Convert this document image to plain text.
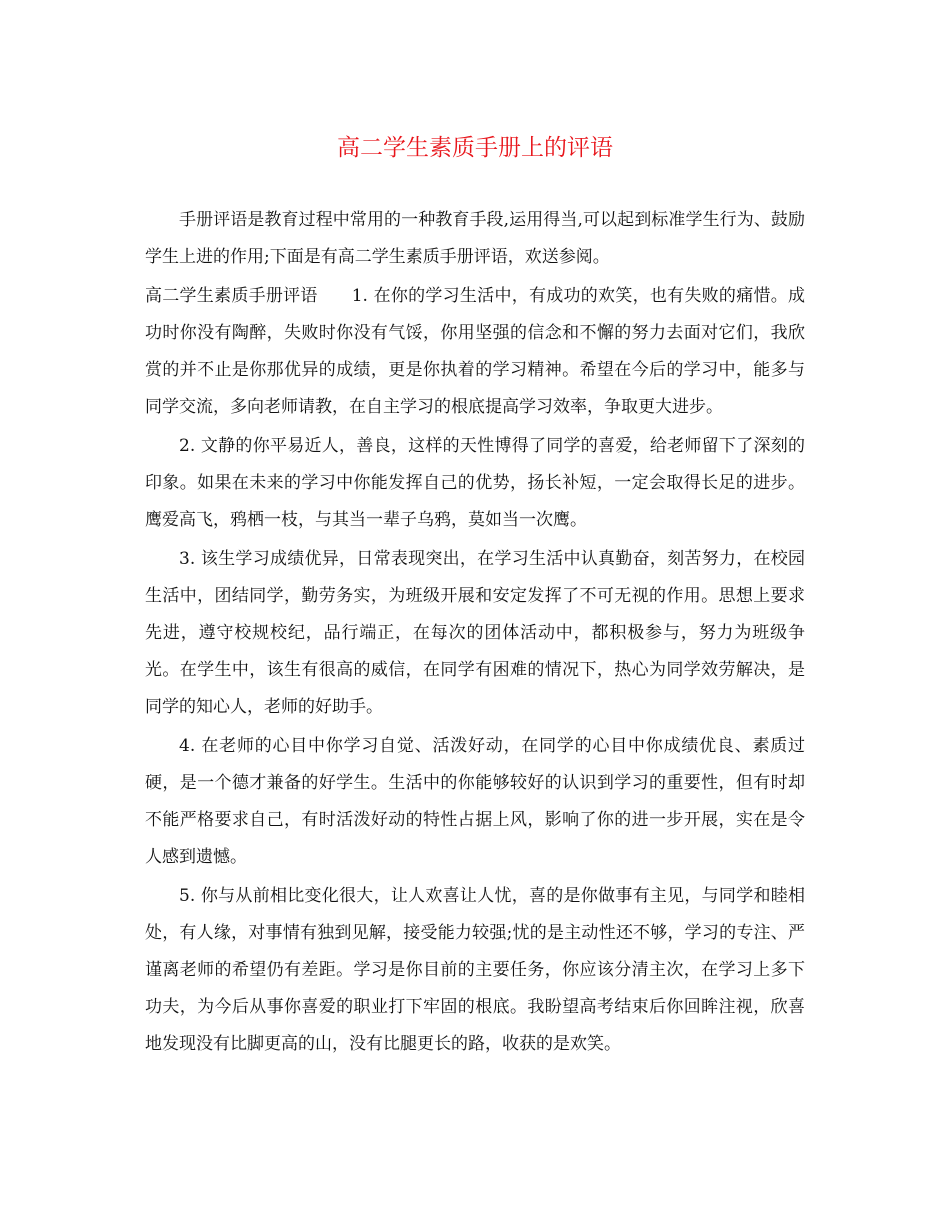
高二学生素质手册上的评语

手册评语是教育过程中常用的一种教育手段,运用得当,可以起到标准学生行为、鼓励学生上进的作用;下面是有高二学生素质手册评语，欢送参阅。

高二学生素质手册评语 1. 在你的学习生活中，有成功的欢笑，也有失败的痛惜。成功时你没有陶醉，失败时你没有气馁，你用坚强的信念和不懈的努力去面对它们，我欣赏的并不止是你那优异的成绩，更是你执着的学习精神。希望在今后的学习中，能多与同学交流，多向老师请教，在自主学习的根底提高学习效率，争取更大进步。

2. 文静的你平易近人，善良，这样的天性博得了同学的喜爱，给老师留下了深刻的印象。如果在未来的学习中你能发挥自己的优势，扬长补短，一定会取得长足的进步。鹰爱高飞，鸦栖一枝，与其当一辈子乌鸦，莫如当一次鹰。

3. 该生学习成绩优异，日常表现突出，在学习生活中认真勤奋，刻苦努力，在校园生活中，团结同学，勤劳务实，为班级开展和安定发挥了不可无视的作用。思想上要求先进，遵守校规校纪，品行端正，在每次的团体活动中，都积极参与，努力为班级争光。在学生中，该生有很高的威信，在同学有困难的情况下，热心为同学效劳解决，是同学的知心人，老师的好助手。

4. 在老师的心目中你学习自觉、活泼好动，在同学的心目中你成绩优良、素质过硬，是一个德才兼备的好学生。生活中的你能够较好的认识到学习的重要性，但有时却不能严格要求自己，有时活泼好动的特性占据上风，影响了你的进一步开展，实在是令人感到遗憾。

5. 你与从前相比变化很大，让人欢喜让人忧，喜的是你做事有主见，与同学和睦相处，有人缘，对事情有独到见解，接受能力较强;忧的是主动性还不够，学习的专注、严谨离老师的希望仍有差距。学习是你目前的主要任务，你应该分清主次，在学习上多下功夫，为今后从事你喜爱的职业打下牢固的根底。我盼望高考结束后你回眸注视，欣喜地发现没有比脚更高的山，没有比腿更长的路，收获的是欢笑。
